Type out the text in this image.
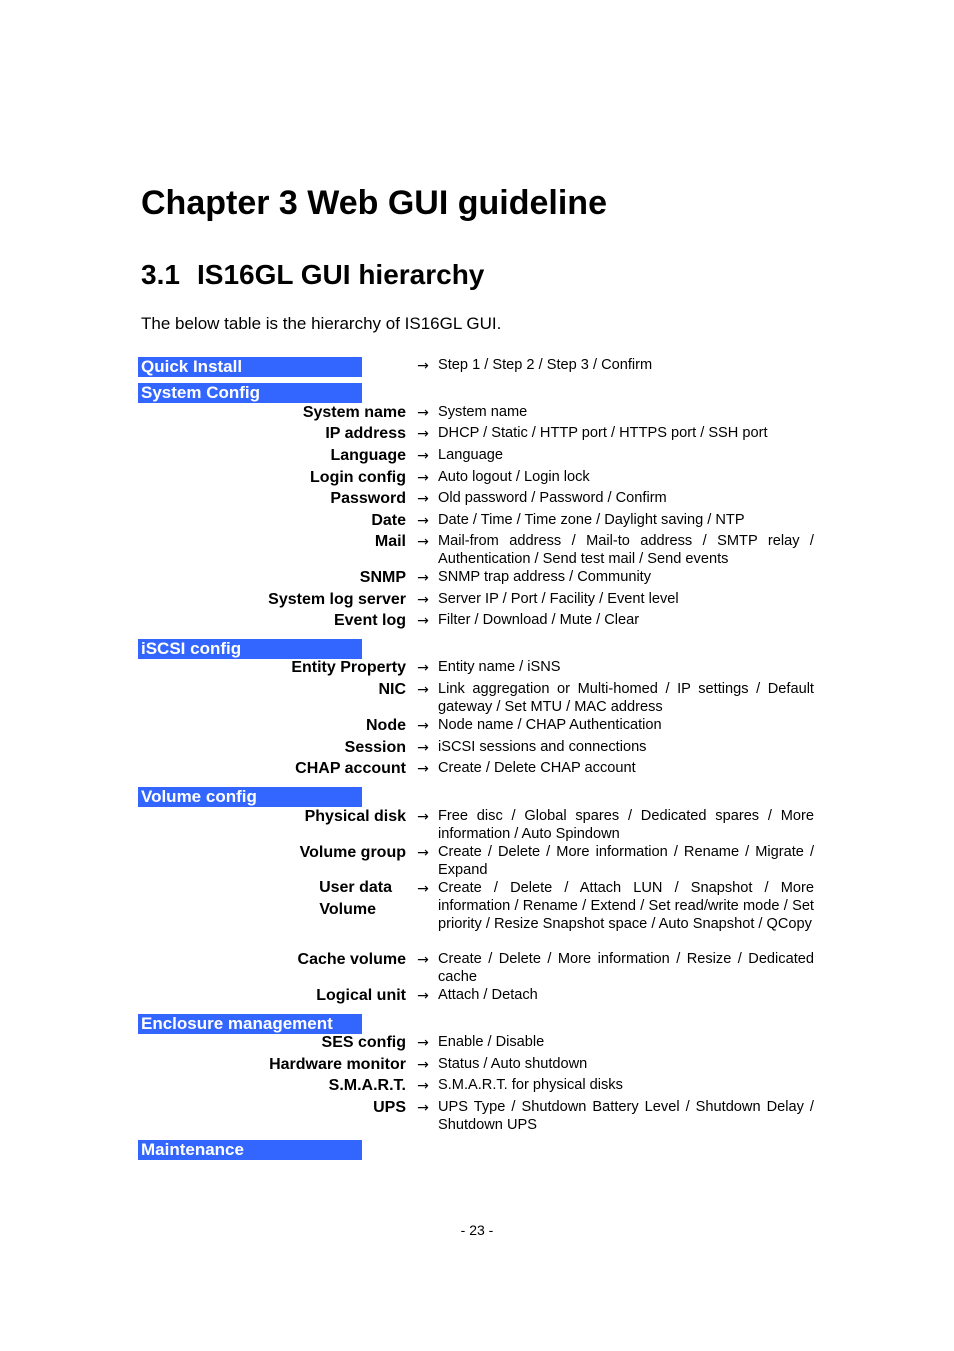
Chapter 3 Web GUI guideline
3.1 IS16GL GUI hierarchy

The below table is the hierarchy of IS16GL GUI.

Quick Install	→ Step 1 / Step 2 / Step 3 / Confirm
System Config
System name → System name
IP address → DHCP / Static / HTTP port / HTTPS port / SSH port
Language → Language
Login config → Auto logout / Login lock
Password → Old password / Password / Confirm
Date → Date / Time / Time zone / Daylight saving / NTP
Mail → Mail-from address / Mail-to address / SMTP relay / Authentication / Send test mail / Send events
SNMP → SNMP trap address / Community
System log server → Server IP / Port / Facility / Event level
Event log → Filter / Download / Mute / Clear
iSCSI config
Entity Property → Entity name / iSNS
NIC → Link aggregation or Multi-homed / IP settings / Default gateway / Set MTU / MAC address
Node → Node name / CHAP Authentication
Session → iSCSI sessions and connections
CHAP account → Create / Delete CHAP account
Volume config
Physical disk → Free disc / Global spares / Dedicated spares / More information / Auto Spindown
Volume group → Create / Delete / More information / Rename / Migrate / Expand
User data
Volume
→ Create / Delete / Attach LUN / Snapshot / More information / Rename / Extend / Set read/write mode / Set priority / Resize Snapshot space / Auto Snapshot / QCopy
Cache volume → Create / Delete / More information / Resize / Dedicated cache
Logical unit → Attach / Detach
Enclosure management
SES config → Enable / Disable
Hardware monitor → Status / Auto shutdown
S.M.A.R.T. → S.M.A.R.T. for physical disks
UPS → UPS Type / Shutdown Battery Level / Shutdown Delay / Shutdown UPS
Maintenance
- 23 -
